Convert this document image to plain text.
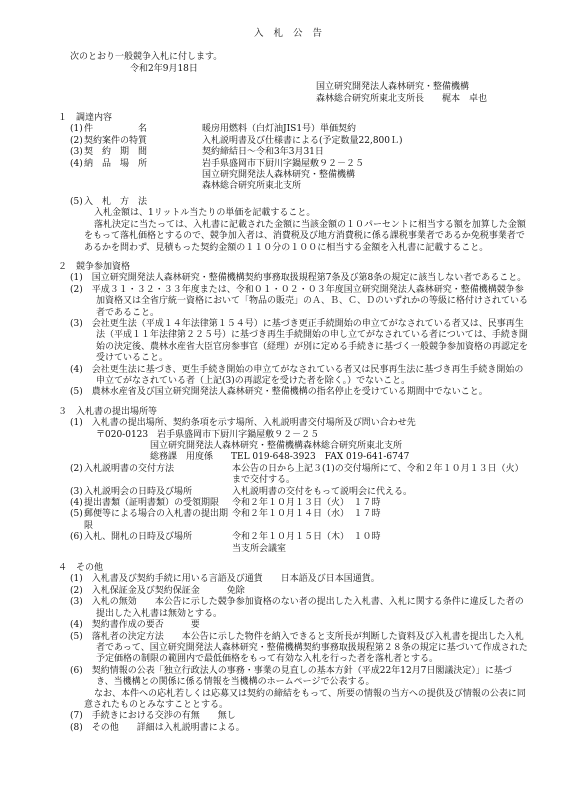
入札公告
次のとおり一般競争入札に付します。
令和2年9月18日
国立研究開発法人森林研究・整備機構
森林総合研究所東北支所長　　梶本　卓也
１　調達内容
(1) 件　　　　　名	暖房用燃料（白灯油JIS1号）単価契約
(2) 契約案件の特質	入札説明書及び仕様書による(予定数量22,800Ｌ)
(3) 契　約　期　間	契約締結日～令和3年3月31日
(4) 納　品　場　所	岩手県盛岡市下厨川字鍋屋敷９２－２５
国立研究開発法人森林研究・整備機構
森林総合研究所東北支所
(5) 入　札　方　法
入札金額は、1リットル当たりの単価を記載すること。
落札決定に当たっては、入札書に記載された金額に当該金額の１０パーセントに相当する額を加算した金額をもって落札価格とするので、競争加入者は、消費税及び地方消費税に係る課税事業者であるか免税事業者であるかを問わず、見積もった契約金額の１１０分の１００に相当する金額を入札書に記載すること。
２　競争参加資格
(1)　 国立研究開発法人森林研究・整備機構契約事務取扱規程第7条及び第8条の規定に該当しない者であること。
(2)　 平成３１・３２・３３年度または、令和０１・０２・０３年度国立研究開発法人森林研究・整備機構競争参加資格又は全省庁統一資格において「物品の販売」のＡ、Ｂ、Ｃ、Ｄのいずれかの等級に格付けされている者であること。
(3)　 会社更生法（平成１４年法律第１５４号）に基づき更正手続開始の申立てがなされている者又は、民事再生法（平成１１年法律第２２５号）に基づき再生手続開始の申し立てがなされている者については、手続き開始の決定後、農林水産省大臣官房参事官（経理）が別に定める手続きに基づく一般競争参加資格の再認定を受けていること。
(4)　 会社更生法に基づき、更生手続き開始の申立てがなされている者又は民事再生法に基づき再生手続き開始の申立てがなされている者（上記(3)の再認定を受けた者を除く。）でないこと。
(5)　 農林水産省及び国立研究開発法人森林研究・整備機構の指名停止を受けている期間中でないこと。
３　入札書の提出場所等
(1)　 入札書の提出場所、契約条項を示す場所、入札説明書交付場所及び問い合わせ先
〒020-0123　岩手県盛岡市下厨川字鍋屋敷９２－２５
国立研究開発法人森林研究・整備機構森林総合研究所東北支所
総務課　用度係　　TEL 019-648-3923　FAX 019-641-6747
(2) 入札説明書の交付方法	本公告の日から上記３(1)の交付場所にて、令和２年１０月１３日（火）まで交付する。
(3) 入札説明会の日時及び場所	入札説明書の交付をもって説明会に代える。
(4) 提出書類（証明書類）の受領期限	令和２年１０月１３日（火）　１７時
(5) 郵便等による場合の入札書の提出期限
令和２年１０月１４日（水）　１７時
(6) 入札、開札の日時及び場所	令和２年１０月１５日（木）　１０時
当支所会議室
４　その他
(1)　 入札書及び契約手続に用いる言語及び通貨　　日本語及び日本国通貨。
(2)　 入札保証金及び契約保証金　　　免除
(3)　 入札の無効　　本公告に示した競争参加資格のない者の提出した入札書、入札に関する条件に違反した者の提出した入札書は無効とする。
(4)　 契約書作成の要否　　　要
(5)　 落札者の決定方法　　本公告に示した物件を納入できると支所長が判断した資料及び入札書を提出した入札者であって、国立研究開発法人森林研究・整備機構契約事務取扱規程第２８条の規定に基づいて作成された予定価格の制限の範囲内で最低価格をもって有効な入札を行った者を落札者とする。
(6)　 契約情報の公表「独立行政法人の事務・事業の見直しの基本方針（平成22年12月7日閣議決定）」に基づき、当機構との関係に係る情報を当機構のホームページで公表する。
なお、本件への応札若しくは応募又は契約の締結をもって、所要の情報の当方への提供及び情報の公表に同意されたものとみなすこととする。
(7)　 手続きにおける交渉の有無　　無し
(8)　 その他　　詳細は入札説明書による。
